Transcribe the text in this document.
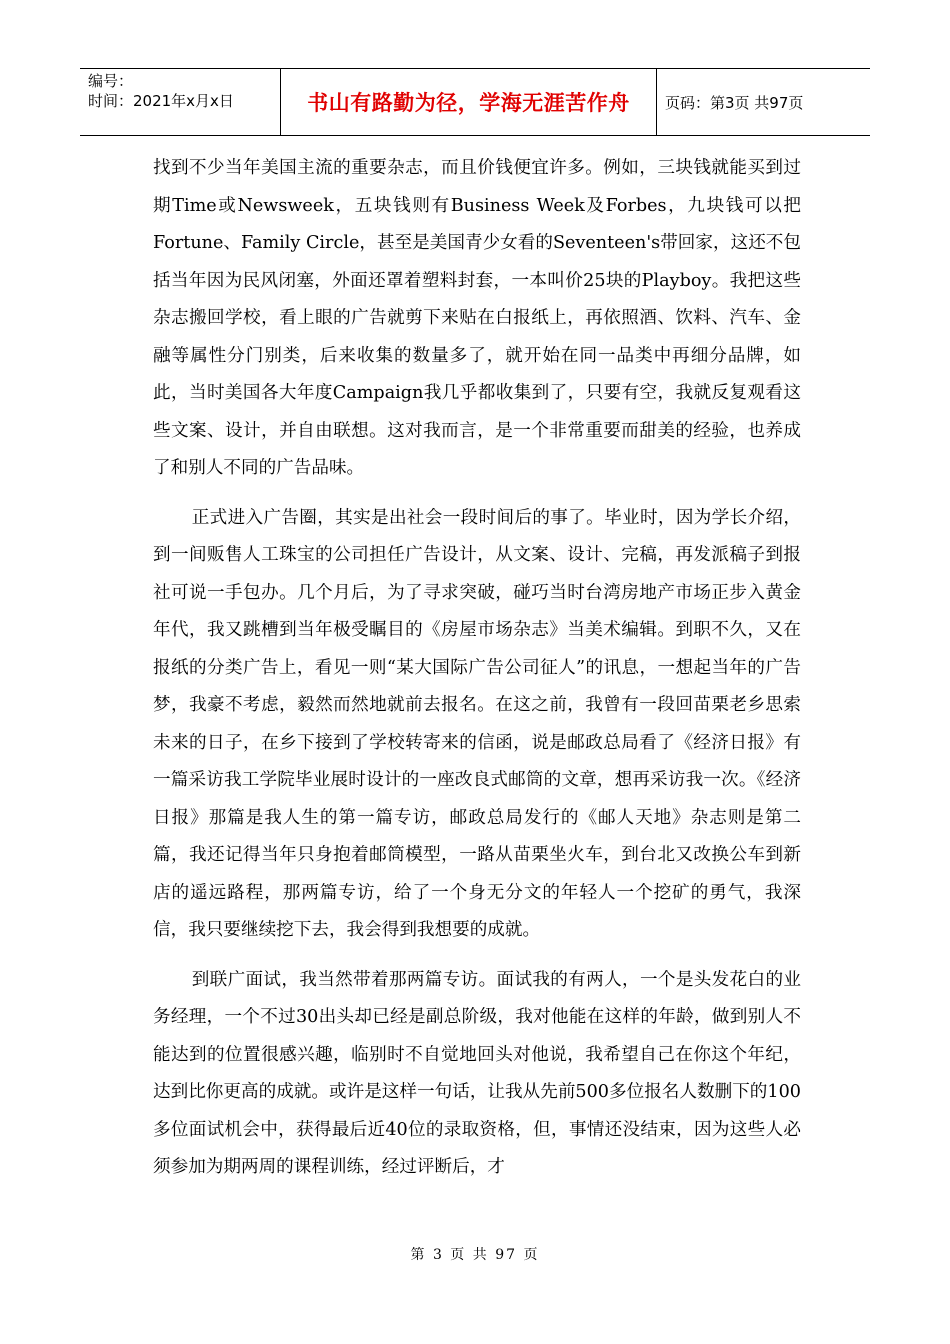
编号：
时间：2021年x月x日	书山有路勤为径，学海无涯苦作舟 页码：第3页 共97页

找到不少当年美国主流的重要杂志，而且价钱便宜许多。例如，三块钱就能买到过期Time或Newsweek，五块钱则有Business Week及Forbes，九块钱可以把Fortune、Family Circle，甚至是美国青少女看的Seventeen's带回家，这还不包括当年因为民风闭塞，外面还罩着塑料封套，一本叫价25块的Playboy。我把这些杂志搬回学校，看上眼的广告就剪下来贴在白报纸上，再依照酒、饮料、汽车、金融等属性分门别类，后来收集的数量多了，就开始在同一品类中再细分品牌，如此，当时美国各大年度Campaign我几乎都收集到了，只要有空，我就反复观看这些文案、设计，并自由联想。这对我而言，是一个非常重要而甜美的经验，也养成了和别人不同的广告品味。

正式进入广告圈，其实是出社会一段时间后的事了。毕业时，因为学长介绍，到一间贩售人工珠宝的公司担任广告设计，从文案、设计、完稿，再发派稿子到报社可说一手包办。几个月后，为了寻求突破，碰巧当时台湾房地产市场正步入黄金年代，我又跳槽到当年极受瞩目的《房屋市场杂志》当美术编辑。到职不久，又在报纸的分类广告上，看见一则“某大国际广告公司征人”的讯息，一想起当年的广告梦，我豪不考虑，毅然而然地就前去报名。在这之前，我曾有一段回苗栗老乡思索未来的日子，在乡下接到了学校转寄来的信函，说是邮政总局看了《经济日报》有一篇采访我工学院毕业展时设计的一座改良式邮筒的文章，想再采访我一次。《经济日报》那篇是我人生的第一篇专访，邮政总局发行的《邮人天地》杂志则是第二篇，我还记得当年只身抱着邮筒模型，一路从苗栗坐火车，到台北又改换公车到新店的遥远路程，那两篇专访，给了一个身无分文的年轻人一个挖矿的勇气，我深信，我只要继续挖下去，我会得到我想要的成就。

到联广面试，我当然带着那两篇专访。面试我的有两人，一个是头发花白的业务经理，一个不过30出头却已经是副总阶级，我对他能在这样的年龄，做到别人不能达到的位置很感兴趣，临别时不自觉地回头对他说，我希望自己在你这个年纪，达到比你更高的成就。或许是这样一句话，让我从先前500多位报名人数删下的100多位面试机会中，获得最后近40位的录取资格，但，事情还没结束，因为这些人必须参加为期两周的课程训练，经过评断后，才

第 3 页 共 97 页
